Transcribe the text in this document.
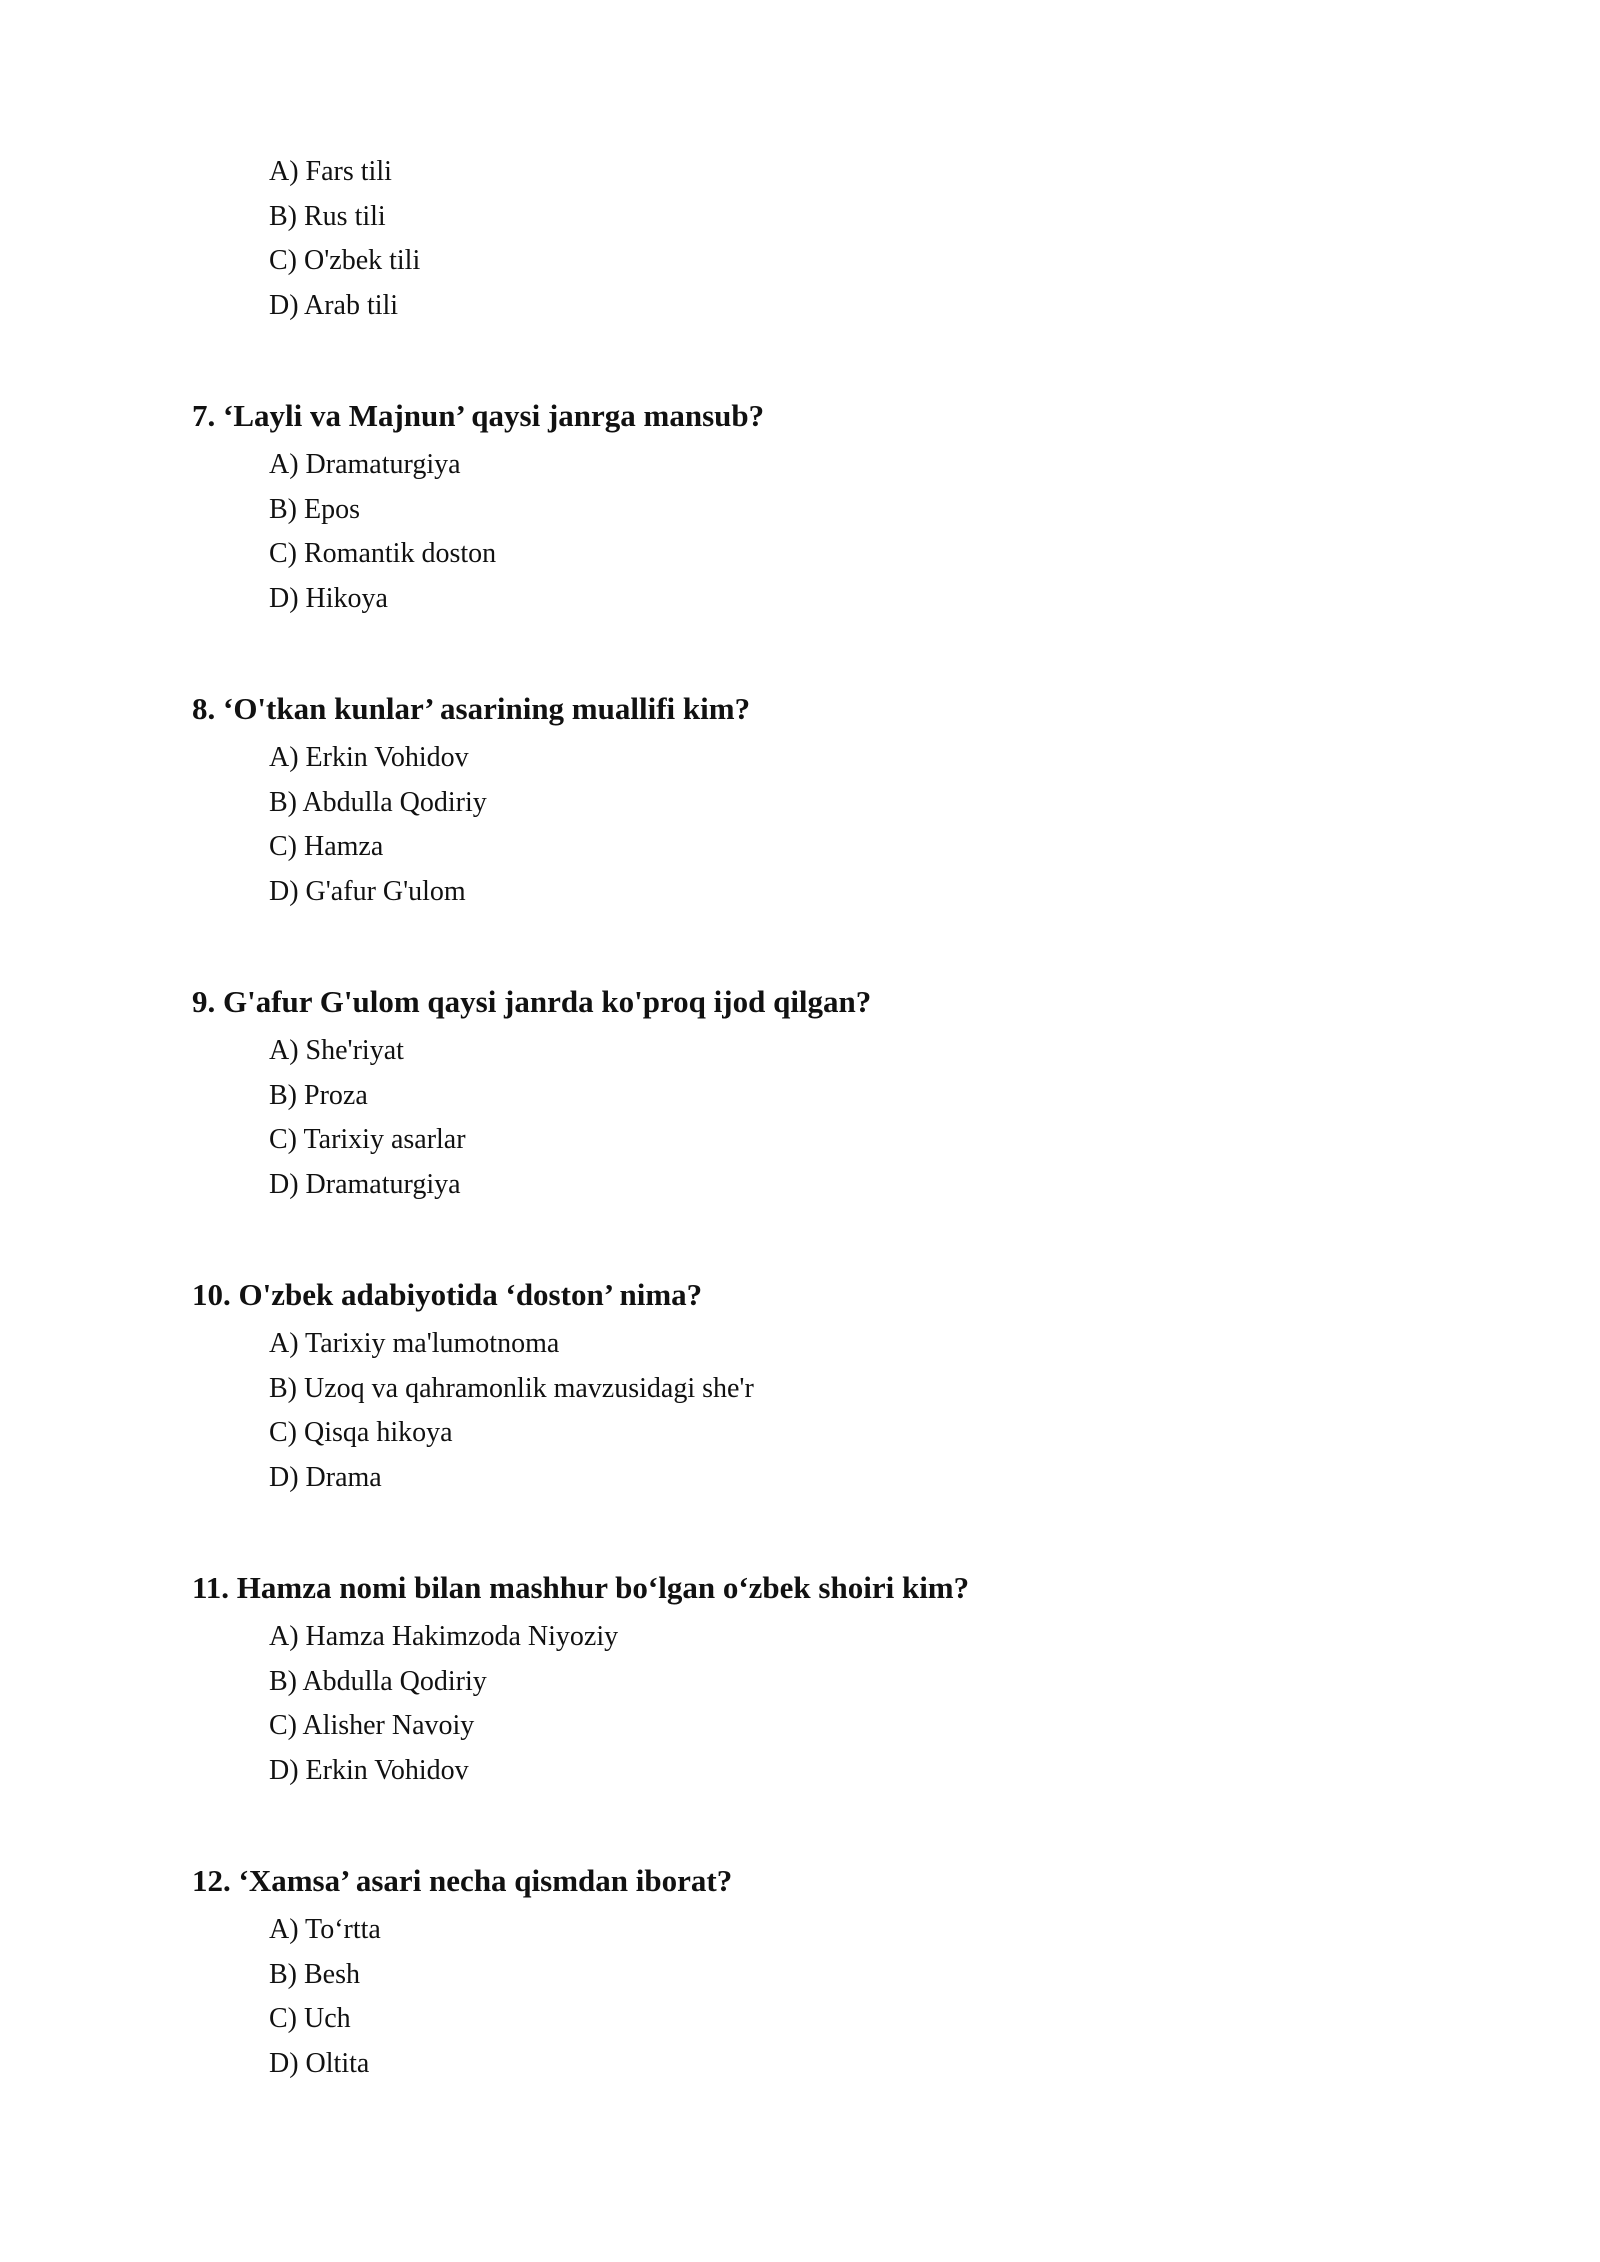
A) Fars tili
B) Rus tili
C) O'zbek tili
D) Arab tili

7. ‘Layli va Majnun’ qaysi janrga mansub?

A) Dramaturgiya
B) Epos
C) Romantik doston
D) Hikoya

8. ‘O'tkan kunlar’ asarining muallifi kim?

A) Erkin Vohidov
B) Abdulla Qodiriy
C) Hamza
D) G'afur G'ulom

9. G'afur G'ulom qaysi janrda ko'proq ijod qilgan?

A) She'riyat
B) Proza
C) Tarixiy asarlar
D) Dramaturgiya

10. O'zbek adabiyotida ‘doston’ nima?

A) Tarixiy ma'lumotnoma
B) Uzoq va qahramonlik mavzusidagi she'r
C) Qisqa hikoya
D) Drama

11. Hamza nomi bilan mashhur bo‘lgan o‘zbek shoiri kim?

A) Hamza Hakimzoda Niyoziy
B) Abdulla Qodiriy
C) Alisher Navoiy
D) Erkin Vohidov

12. ‘Xamsa’ asari necha qismdan iborat?

A) To‘rtta
B) Besh
C) Uch
D) Oltita
